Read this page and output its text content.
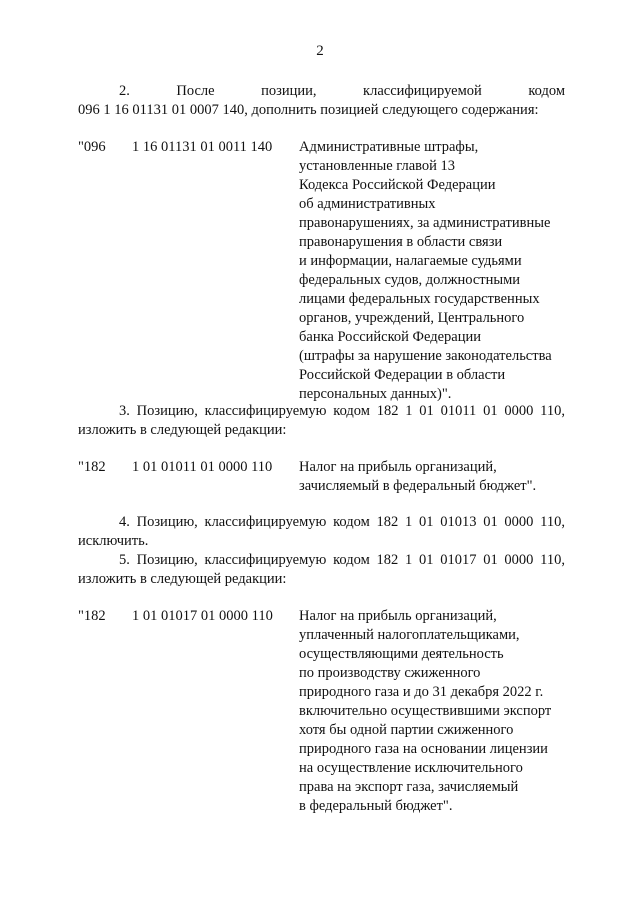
2
2. После позиции, классифицируемой кодом
096 1 16 01131 01 0007 140, дополнить позицией следующего содержания:
"096 1 16 01131 01 0011 140 Административные штрафы,
установленные главой 13
Кодекса Российской Федерации
об административных
правонарушениях, за административные
правонарушения в области связи
и информации, налагаемые судьями
федеральных судов, должностными
лицами федеральных государственных
органов, учреждений, Центрального
банка Российской Федерации
(штрафы за нарушение законодательства
Российской Федерации в области
персональных данных)".
3. Позицию, классифицируемую кодом 182 1 01 01011 01 0000 110,
изложить в следующей редакции:
"182 1 01 01011 01 0000 110 Налог на прибыль организаций,
зачисляемый в федеральный бюджет".
4. Позицию, классифицируемую кодом 182 1 01 01013 01 0000 110,
исключить.
5. Позицию, классифицируемую кодом 182 1 01 01017 01 0000 110,
изложить в следующей редакции:
"182 1 01 01017 01 0000 110 Налог на прибыль организаций,
уплаченный налогоплательщиками,
осуществляющими деятельность
по производству сжиженного
природного газа и до 31 декабря 2022 г.
включительно осуществившими экспорт
хотя бы одной партии сжиженного
природного газа на основании лицензии
на осуществление исключительного
права на экспорт газа, зачисляемый
в федеральный бюджет".
